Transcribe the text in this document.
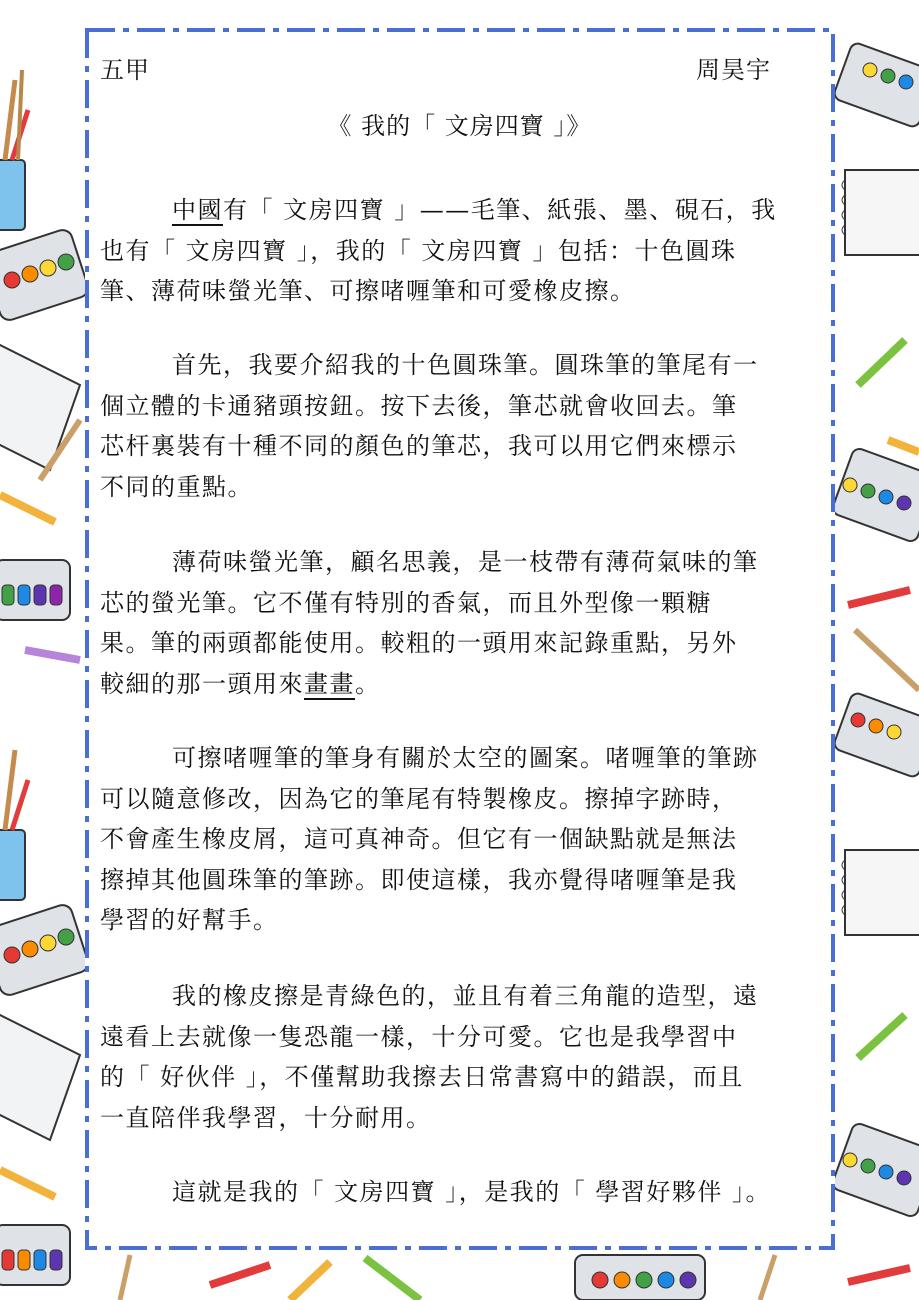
五甲	周昊宇
《 我的「 文房四寶 」》
中國有「 文房四寶 」——毛筆、紙張、墨、硯石，我
也有「 文房四寶 」，我的「 文房四寶 」包括：十色圓珠
筆、薄荷味螢光筆、可擦啫喱筆和可愛橡皮擦。
首先，我要介紹我的十色圓珠筆。圓珠筆的筆尾有一
個立體的卡通豬頭按鈕。按下去後，筆芯就會收回去。筆
芯杆裏裝有十種不同的顏色的筆芯，我可以用它們來標示
不同的重點。
薄荷味螢光筆，顧名思義，是一枝帶有薄荷氣味的筆
芯的螢光筆。它不僅有特別的香氣，而且外型像一顆糖
果。筆的兩頭都能使用。較粗的一頭用來記錄重點，另外
較細的那一頭用來畫畫。
可擦啫喱筆的筆身有關於太空的圖案。啫喱筆的筆跡
可以隨意修改，因為它的筆尾有特製橡皮。擦掉字跡時，
不會產生橡皮屑，這可真神奇。但它有一個缺點就是無法
擦掉其他圓珠筆的筆跡。即使這樣，我亦覺得啫喱筆是我
學習的好幫手。
我的橡皮擦是青綠色的，並且有着三角龍的造型，遠
遠看上去就像一隻恐龍一樣，十分可愛。它也是我學習中
的「 好伙伴 」，不僅幫助我擦去日常書寫中的錯誤，而且
一直陪伴我學習，十分耐用。
這就是我的「 文房四寶 」，是我的「 學習好夥伴 」。
